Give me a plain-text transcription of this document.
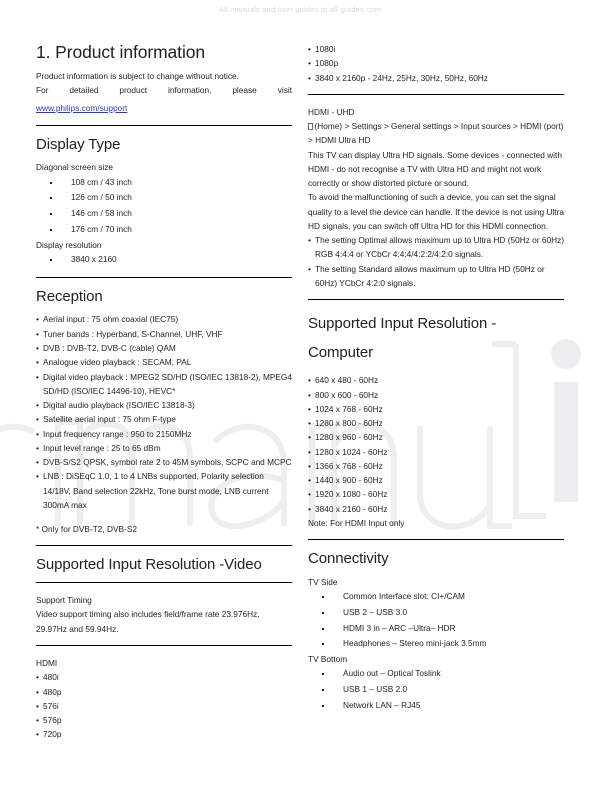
All manuals and user guides at all-guides.com
1. Product information

Product information is subject to change without notice.

For detailed product information, please visit

www.philips.com/support
Display Type

Diagonal screen size

108 cm / 43 inch
126 cm / 50 inch
146 cm / 58 inch
176 cm / 70 inch

Display resolution

3840 x 2160
Reception
• Aerial input : 75 ohm coaxial (IEC75)
• Tuner bands : Hyperband, S-Channel, UHF, VHF
• DVB : DVB-T2, DVB-C (cable) QAM
• Analogue video playback : SECAM, PAL
• Digital video playback : MPEG2 SD/HD (ISO/IEC 13818-2), MPEG4 SD/HD (ISO/IEC 14496-10), HEVC*
• Digital audio playback (ISO/IEC 13818-3)
• Satellite aerial input : 75 ohm F-type
• Input frequency range : 950 to 2150MHz
• Input level range : 25 to 65 dBm
• DVB-S/S2 QPSK, symbol rate 2 to 45M symbols, SCPC and MCPC
• LNB : DiSEqC 1.0, 1 to 4 LNBs supported, Polarity selection 14/18V, Band selection 22kHz, Tone burst mode, LNB current 300mA max

* Only for DVB-T2, DVB-S2

Supported Input Resolution -Video

Support Timing

Video support timing also includes field/frame rate 23.976Hz, 29.97Hz and 59.94Hz.

HDMI

• 480i
• 480p
• 576i
• 576p
• 720p
• 1080i
• 1080p
• 3840 x 2160p - 24Hz, 25Hz, 30Hz, 50Hz, 60Hz

HDMI - UHD

(Home) > Settings > General settings > Input sources > HDMI (port) > HDMI Ultra HD

This TV can display Ultra HD signals. Some devices - connected with HDMI - do not recognise a TV with Ultra HD and might not work correctly or show distorted picture or sound.

To avoid the malfunctioning of such a device, you can set the signal quality to a level the device can handle. If the device is not using Ultra HD signals, you can switch off Ultra HD for this HDMI connection.

• The setting Optimal allows maximum up to Ultra HD (50Hz or 60Hz) RGB 4:4:4 or YCbCr 4:4:4/4:2:2/4:2:0 signals.
• The setting Standard allows maximum up to Ultra HD (50Hz or 60Hz) YCbCr 4:2:0 signals.
Supported Input Resolution -
Computer
• 640 x 480 - 60Hz
• 800 x 600 - 60Hz
• 1024 x 768 - 60Hz
• 1280 x 800 - 60Hz
• 1280 x 960 - 60Hz
• 1280 x 1024 - 60Hz
• 1366 x 768 - 60Hz
• 1440 x 900 - 60Hz
• 1920 x 1080 - 60Hz
• 3840 x 2160 - 60Hz
Note: For HDMI Input only
Connectivity

TV Side

Common Interface slot: CI+/CAM
USB 2 – USB 3.0
HDMI 3 in – ARC –Ultra– HDR
Headphones – Stereo mini-jack 3.5mm

TV Bottom

Audio out – Optical Toslink
USB 1 – USB 2.0
Network LAN – RJ45
